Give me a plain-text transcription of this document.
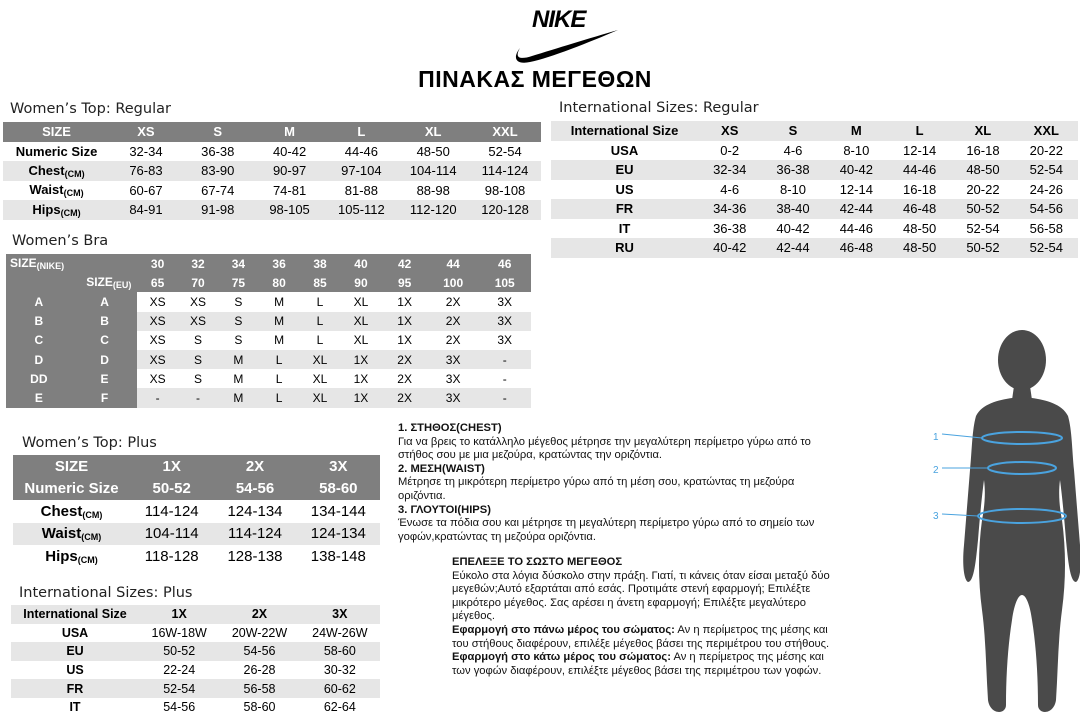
NIKE
ΠΙΝΑΚΑΣ ΜΕΓΕΘΩΝ
Women’s Top: Regular
SIZE	XS	S	M	L	XL	XXL
Numeric Size	32-34	36-38	40-42	44-46	48-50	52-54
Chest$_{(CM)}$	76-83	83-90	90-97	97-104	104-114	114-124
Waist$_{(CM)}$	60-67	67-74	74-81	81-88	88-98	98-108
Hips$_{(CM)}$	84-91	91-98	98-105	105-112	112-120	120-128
International Sizes: Regular
International Size	XS	S	M	L	XL	XXL
USA	0-2	4-6	8-10	12-14	16-18	20-22
EU	32-34	36-38	40-42	44-46	48-50	52-54
US	4-6	8-10	12-14	16-18	20-22	24-26
FR	34-36	38-40	42-44	46-48	50-52	54-56
IT	36-38	40-42	44-46	48-50	52-54	56-58
RU	40-42	42-44	46-48	48-50	50-52	52-54
Women’s Bra
$SIZE_{(NIKE)}$		30	32	34	36	38	40	42	44	46
	$SIZE_{(EU)}$	65	70	75	80	85	90	95	100	105
A	A	XS	XS	S	M	L	XL	1X	2X	3X
B	B	XS	XS	S	M	L	XL	1X	2X	3X
C	C	XS	S	S	M	L	XL	1X	2X	3X
D	D	XS	S	M	L	XL	1X	2X	3X	-
DD	E	XS	S	M	L	XL	1X	2X	3X	-
E	F	-	-	M	L	XL	1X	2X	3X	-
Women’s Top: Plus
SIZE	1X	2X	3X
Numeric Size	50-52	54-56	58-60
Chest$_{(CM)}$	114-124	124-134	134-144
Waist$_{(CM)}$	104-114	114-124	124-134
Hips$_{(CM)}$	118-128	128-138	138-148
International Sizes: Plus
International Size	1X	2X	3X
USA	16W-18W	20W-22W	24W-26W
EU	50-52	54-56	58-60
US	22-24	26-28	30-32
FR	52-54	56-58	60-62
IT	54-56	58-60	62-64
1. ΣΤΗΘΟΣ(CHEST)
Για να βρεις το κατάλληλο μέγεθος μέτρησε την μεγαλύτερη περίμετρο γύρω από το στήθος σου με μια μεζούρα, κρατώντας την οριζόντια.
2. ΜΕΣΗ(WAIST)
Μέτρησε τη μικρότερη περίμετρο γύρω από τη μέση σου, κρατώντας τη μεζούρα οριζόντια.
3. ΓΛΟΥΤΟΙ(HIPS)
Ένωσε τα πόδια σου και μέτρησε τη μεγαλύτερη περίμετρο γύρω από το σημείο των γοφών,κρατώντας τη μεζούρα οριζόντια.
ΕΠΕΛΕΞΕ ΤΟ ΣΩΣΤΟ ΜΕΓΕΘΟΣ
Εύκολο στα λόγια δύσκολο στην πράξη. Γιατί, τι κάνεις όταν είσαι μεταξύ δύο μεγεθών;Αυτό εξαρτάται από εσάς. Προτιμάτε στενή εφαρμογή; Επιλέξτε μικρότερο μέγεθος. Σας αρέσει η άνετη εφαρμογή; Επιλέξτε μεγαλύτερο μέγεθος.
Εφαρμογή στο πάνω μέρος του σώματος: Αν η περίμετρος της μέσης και του στήθους διαφέρουν, επιλέξε μέγεθος βάσει της περιμέτρου του στήθους.
Εφαρμογή στο κάτω μέρος του σώματος: Αν η περίμετρος της μέσης και των γοφών διαφέρουν, επιλέξτε μέγεθος βάσει της περιμέτρου των γοφών.
1
2
3
